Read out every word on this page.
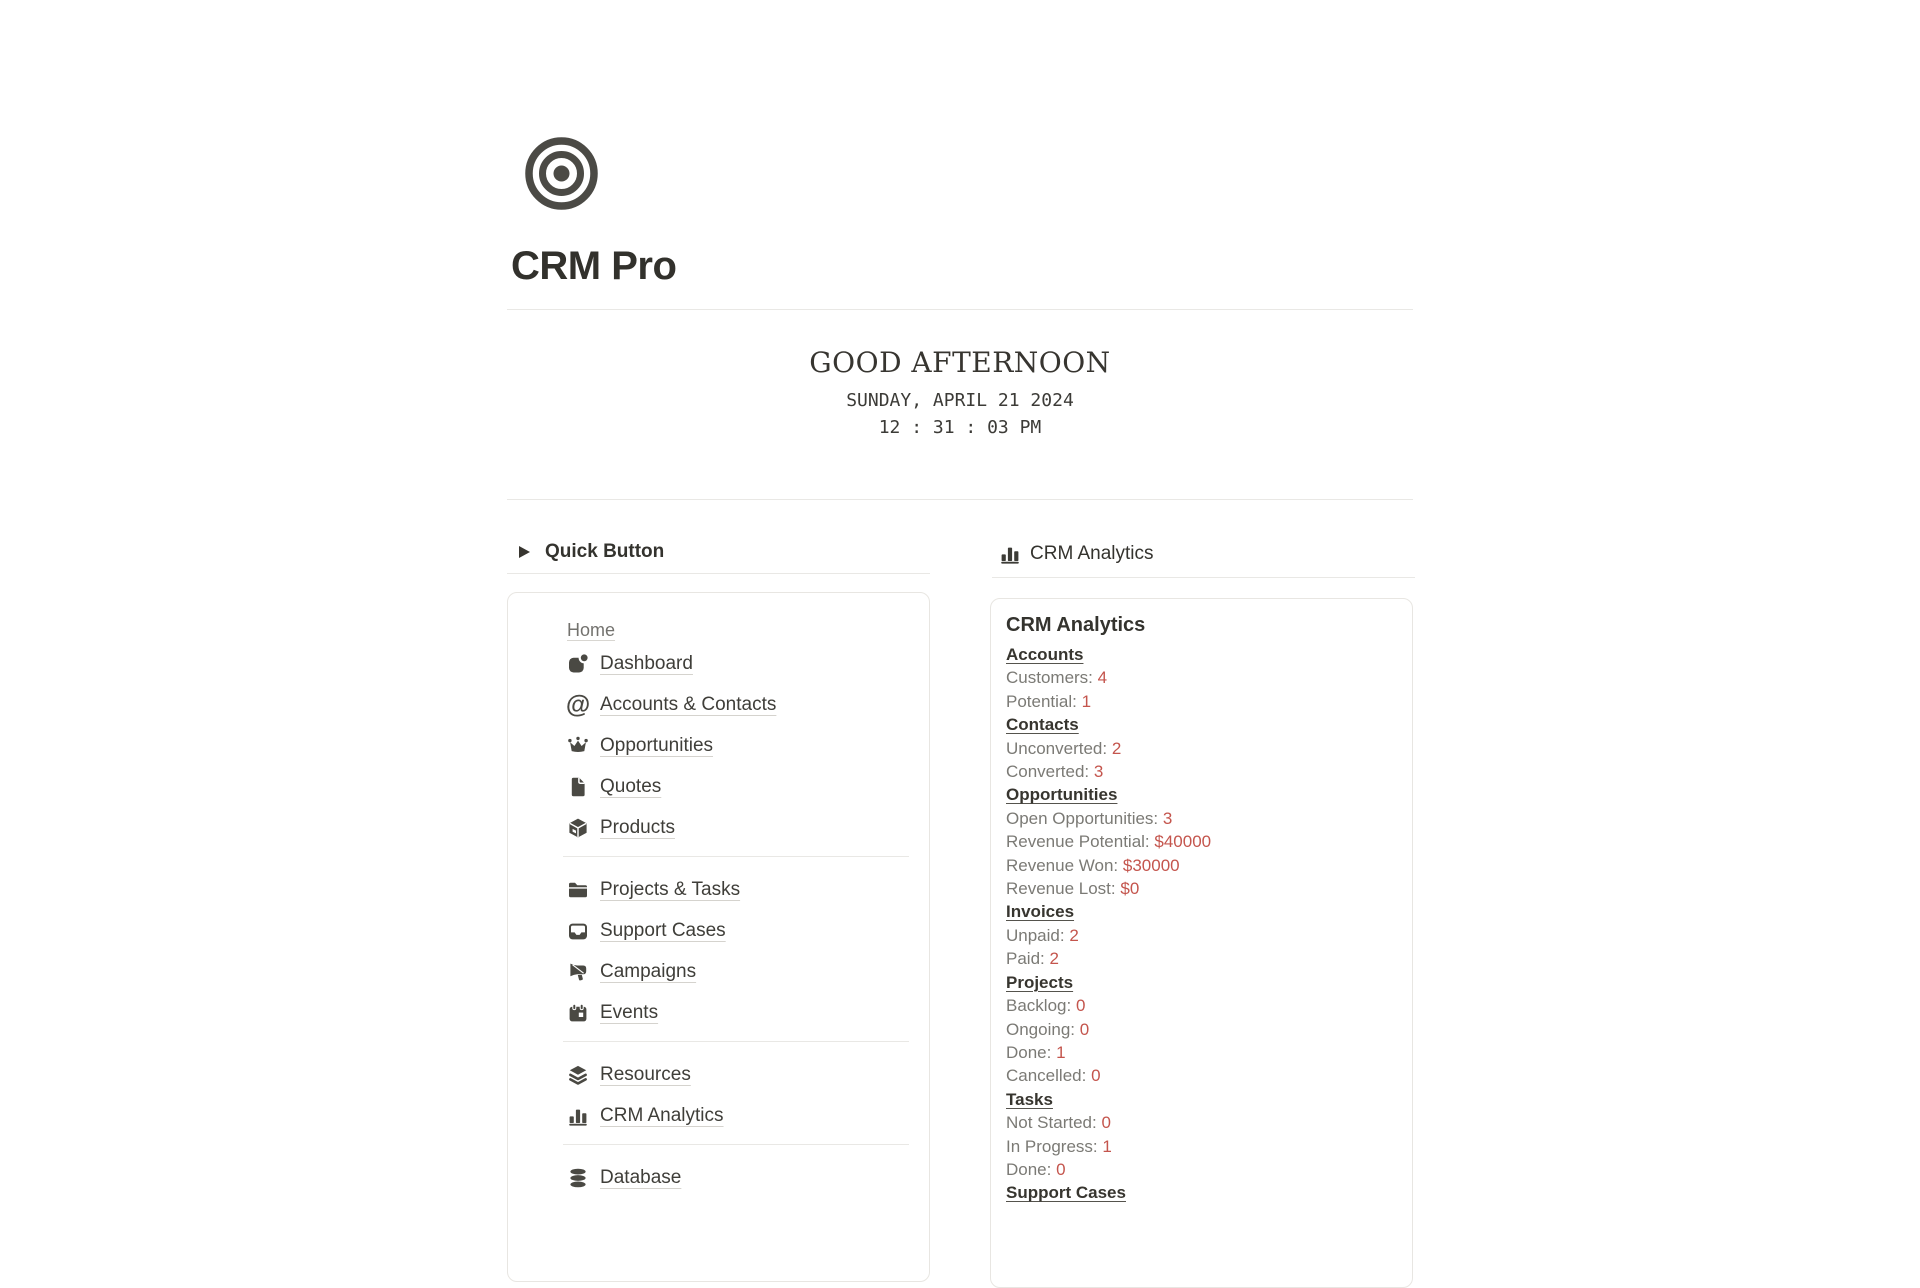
CRM Pro
GOOD AFTERNOON
SUNDAY, APRIL 21 2024
12 : 31 : 03 PM
Quick Button	CRM Analytics
Home
Dashboard
@ Accounts & Contacts
Opportunities
Quotes
Products
Projects & Tasks
Support Cases
Campaigns
Events
Resources
CRM Analytics
Database
CRM Analytics
Accounts
Customers: 4
Potential: 1
Contacts
Unconverted: 2
Converted: 3
Opportunities
Open Opportunities: 3
Revenue Potential: $40000
Revenue Won: $30000
Revenue Lost: $0
Invoices
Unpaid: 2
Paid: 2
Projects
Backlog: 0
Ongoing: 0
Done: 1
Cancelled: 0
Tasks
Not Started: 0
In Progress: 1
Done: 0
Support Cases
